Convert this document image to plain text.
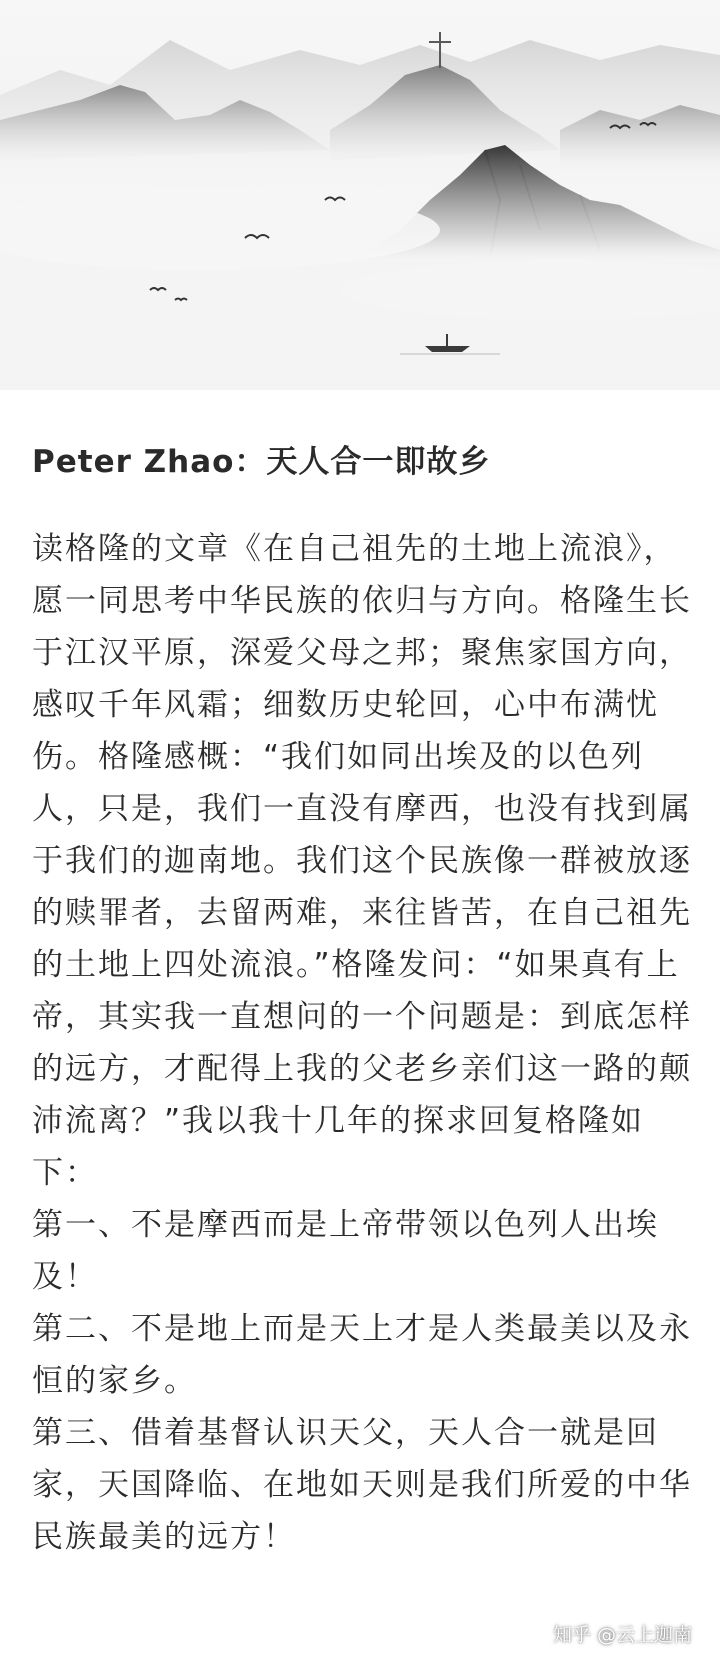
Peter Zhao：天人合一即故乡

读格隆的文章《在自己祖先的土地上流浪》，愿一同思考中华民族的依归与方向。格隆生长于江汉平原，深爱父母之邦；聚焦家国方向，感叹千年风霜；细数历史轮回，心中布满忧伤。格隆感概：“我们如同出埃及的以色列人，只是，我们一直没有摩西，也没有找到属于我们的迦南地。我们这个民族像一群被放逐的赎罪者，去留两难，来往皆苦，在自己祖先的土地上四处流浪。”格隆发问：“如果真有上帝，其实我一直想问的一个问题是：到底怎样的远方，才配得上我的父老乡亲们这一路的颠沛流离？”我以我十几年的探求回复格隆如下：

第一、不是摩西而是上帝带领以色列人出埃及！

第二、不是地上而是天上才是人类最美以及永恒的家乡。

第三、借着基督认识天父，天人合一就是回家，天国降临、在地如天则是我们所爱的中华民族最美的远方！

知乎 @云上迦南
